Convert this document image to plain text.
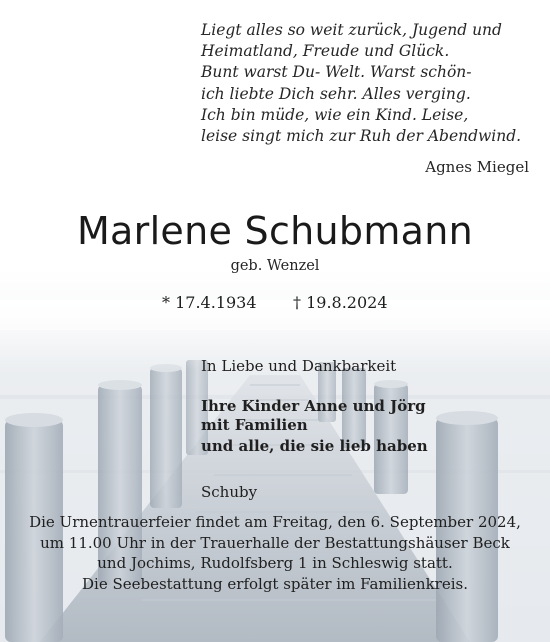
Liegt alles so weit zurück, Jugend und
Heimatland, Freude und Glück.
Bunt warst Du- Welt. Warst schön-
ich liebte Dich sehr. Alles verging.
Ich bin müde, wie ein Kind. Leise,
leise singt mich zur Ruh der Abendwind.
Agnes Miegel
Marlene Schubmann
geb. Wenzel
* 17.4.1934 † 19.8.2024
In Liebe und Dankbarkeit
Ihre Kinder Anne und Jörg
mit Familien
und alle, die sie lieb haben
Schuby
Die Urnentrauerfeier findet am Freitag, den 6. September 2024,
um 11.00 Uhr in der Trauerhalle der Bestattungshäuser Beck
und Jochims, Rudolfsberg 1 in Schleswig statt.
Die Seebestattung erfolgt später im Familienkreis.
